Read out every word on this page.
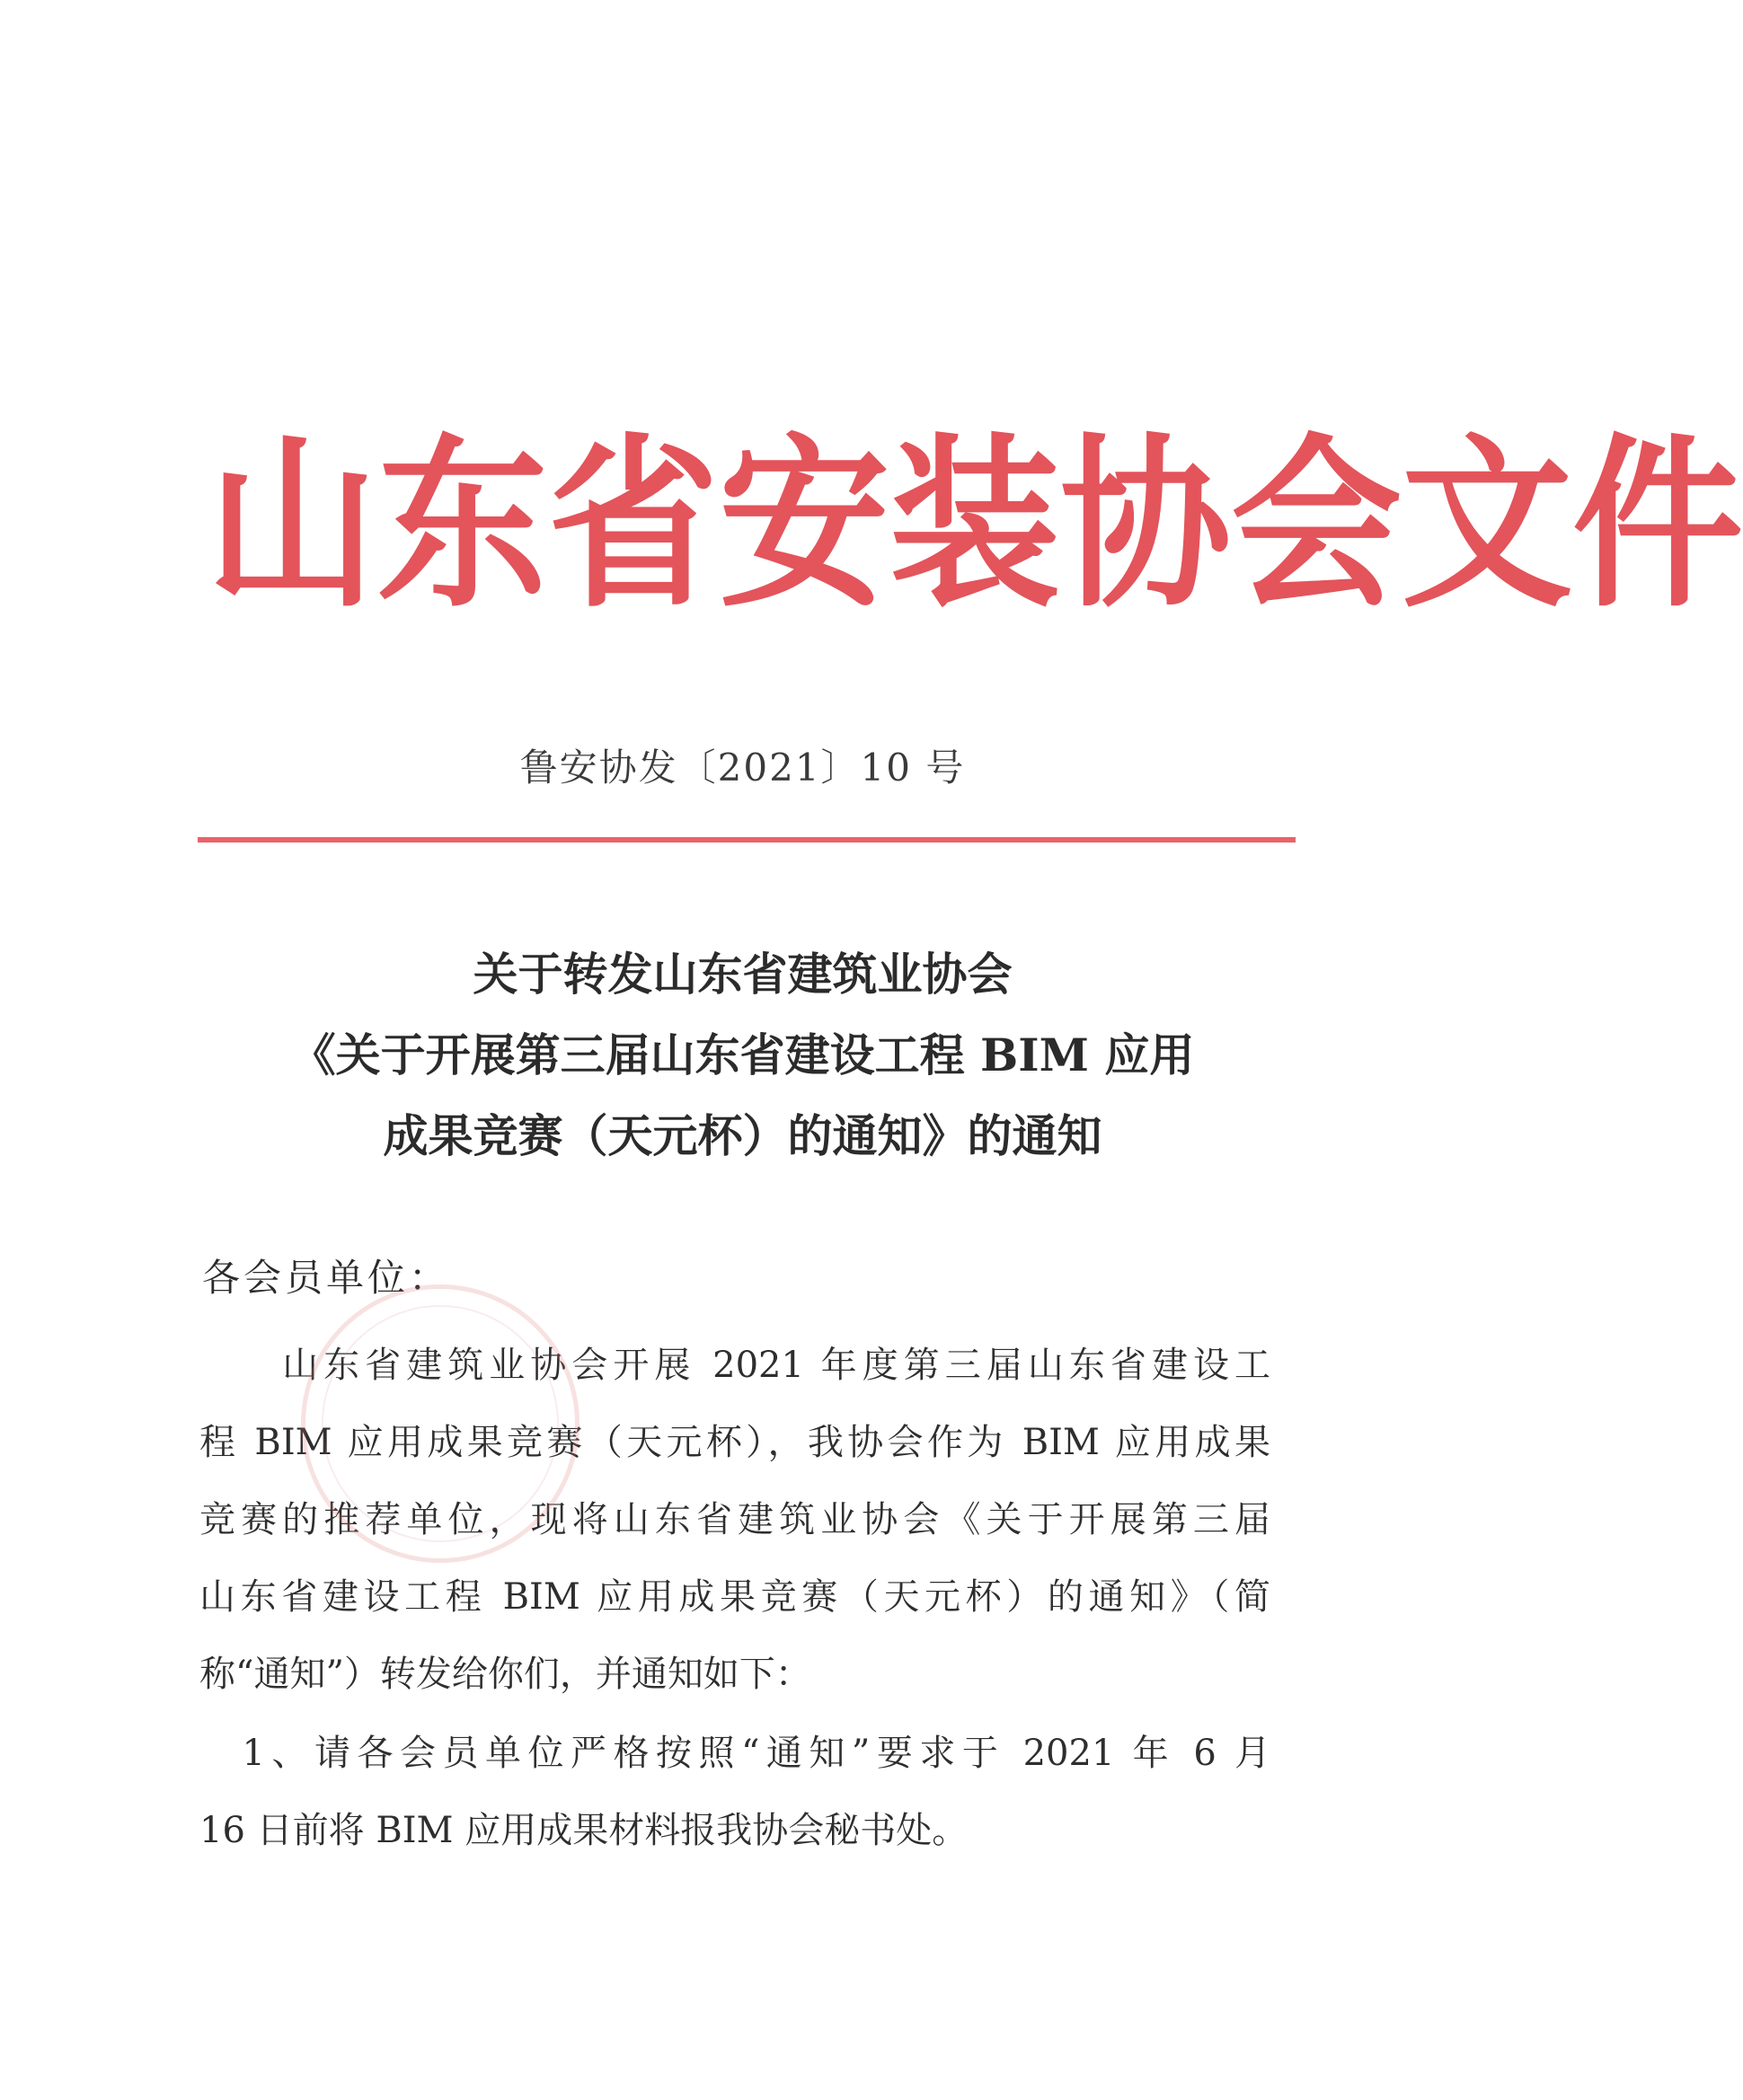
山 东 省 安 装 协 会 文 件
鲁安协发〔2021〕10 号
关于转发山东省建筑业协会
《关于开展第三届山东省建设工程 BIM 应用
成果竞赛（天元杯）的通知》的通知

各会员单位：

　　山东省建筑业协会开展 2021 年度第三届山东省建设工
程 BIM 应用成果竞赛（天元杯），我协会作为 BIM 应用成果
竞赛的推荐单位，现将山东省建筑业协会《关于开展第三届
山东省建设工程 BIM 应用成果竞赛（天元杯）的通知》（简
称“通知”）转发给你们，并通知如下：

　1、请各会员单位严格按照“通知”要求于 2021 年 6 月
16 日前将 BIM 应用成果材料报我协会秘书处。
